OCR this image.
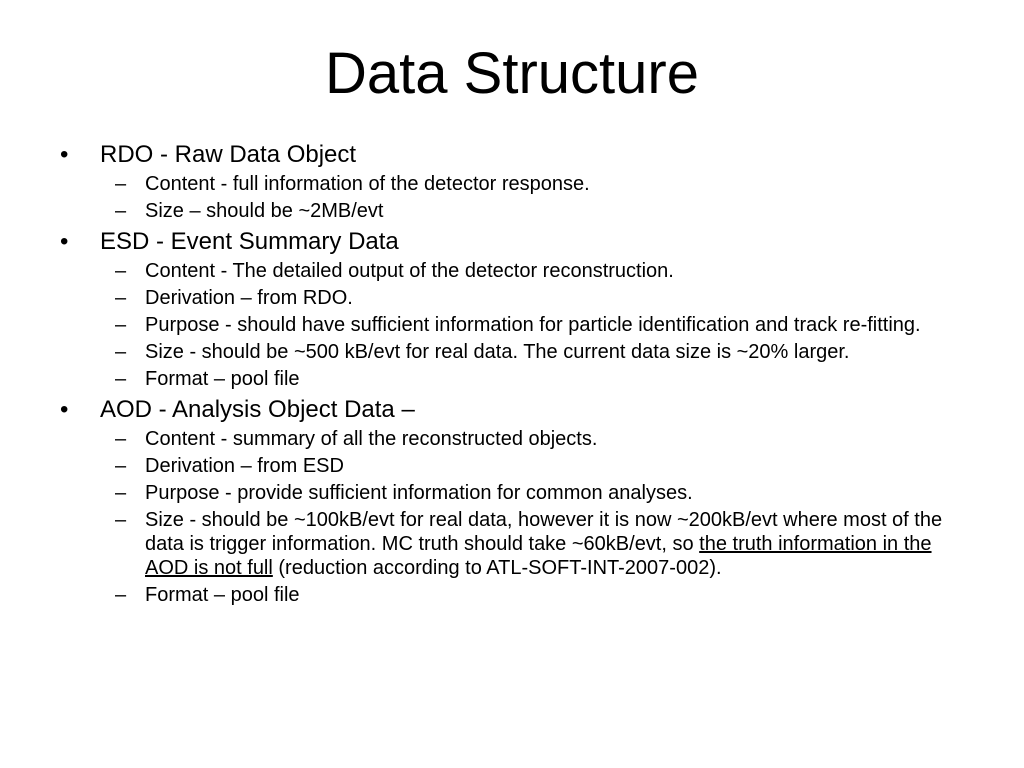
Data Structure
• RDO - Raw Data Object
– Content - full information of the detector response.
– Size – should be ~2MB/evt
• ESD - Event Summary Data
– Content - The detailed output of the detector reconstruction.
– Derivation – from RDO.
– Purpose - should have sufficient information for particle identification and track re-fitting.
– Size - should be ~500 kB/evt for real data. The current data size is ~20% larger.
– Format – pool file
• AOD - Analysis Object Data –
– Content - summary of all the reconstructed objects.
– Derivation – from ESD
– Purpose - provide sufficient information for common analyses.
– Size - should be ~100kB/evt for real data, however it is now ~200kB/evt where most of the data is trigger information. MC truth should take ~60kB/evt, so the truth information in the AOD is not full (reduction according to ATL-SOFT-INT-2007-002).
– Format – pool file
